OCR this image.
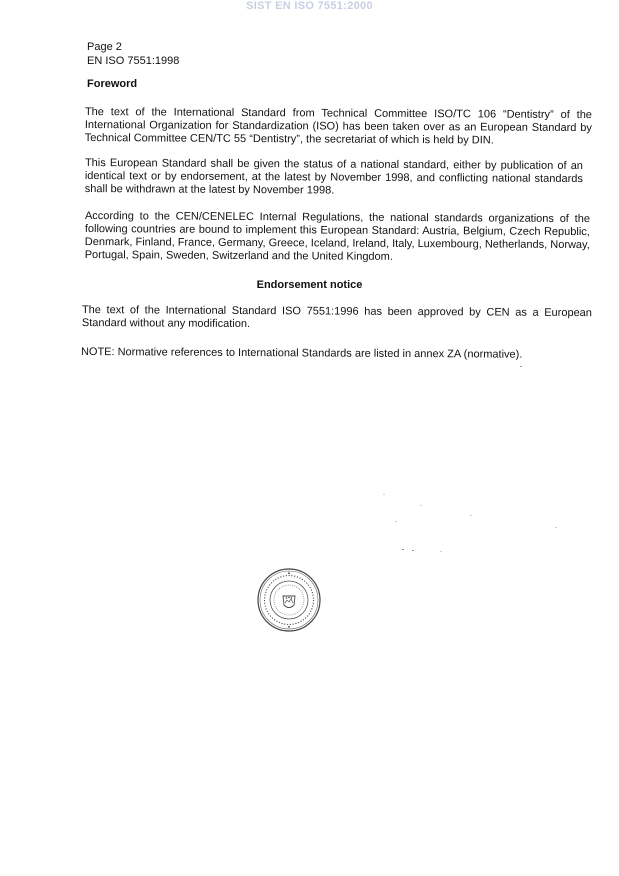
SIST EN ISO 7551:2000
Page 2
EN ISO 7551:1998
Foreword

The text of the International Standard from Technical Committee ISO/TC 106 “Dentistry” of the International Organization for Standardization (ISO) has been taken over as an European Standard by Technical Committee CEN/TC 55 “Dentistry”, the secretariat of which is held by DIN.

This European Standard shall be given the status of a national standard, either by publication of an identical text or by endorsement, at the latest by November 1998, and conflicting national standards shall be withdrawn at the latest by November 1998.

According to the CEN/CENELEC Internal Regulations, the national standards organizations of the following countries are bound to implement this European Standard: Austria, Belgium, Czech Republic, Denmark, Finland, France, Germany, Greece, Iceland, Ireland, Italy, Luxembourg, Netherlands, Norway, Portugal, Spain, Sweden, Switzerland and the United Kingdom.

Endorsement notice

The text of the International Standard ISO 7551:1996 has been approved by CEN as a European Standard without any modification.

NOTE: Normative references to International Standards are listed in annex ZA (normative).
